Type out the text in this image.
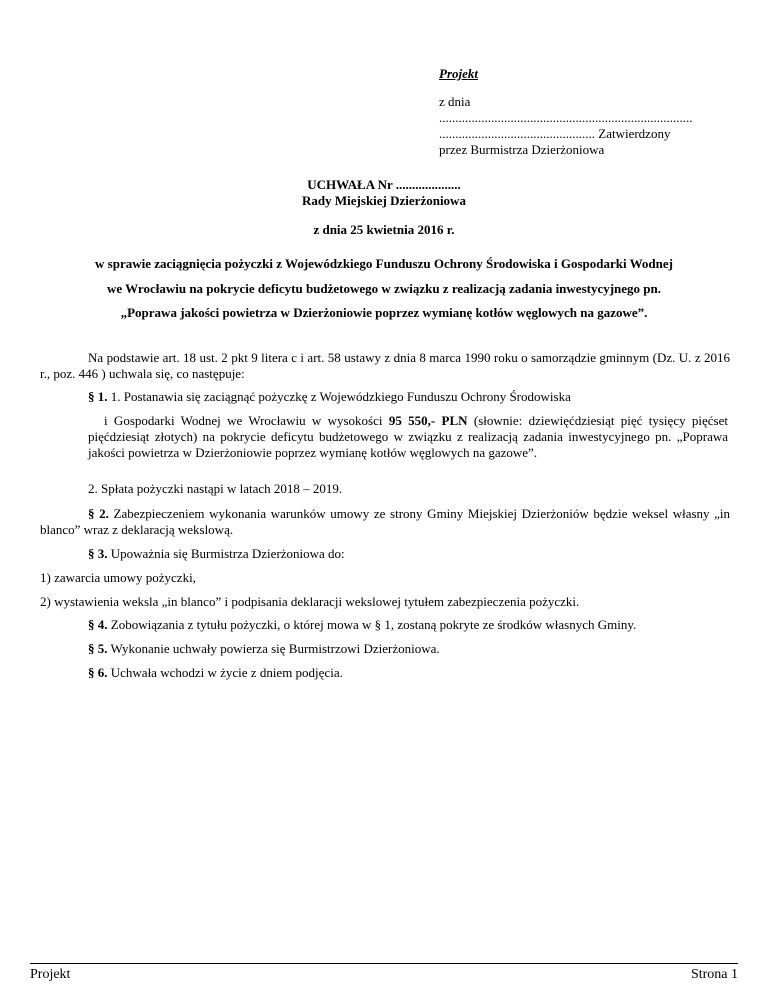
Projekt
z dnia
..............................................................................
................................................ Zatwierdzony
przez Burmistrza Dzierżoniowa
UCHWAŁA Nr ....................
Rady Miejskiej Dzierżoniowa
z dnia 25 kwietnia 2016 r.
w sprawie zaciągnięcia pożyczki z Wojewódzkiego Funduszu Ochrony Środowiska i Gospodarki Wodnej
we Wrocławiu na pokrycie deficytu budżetowego w związku z realizacją zadania inwestycyjnego pn.
„Poprawa jakości powietrza w Dzierżoniowie poprzez wymianę kotłów węglowych na gazowe”.
Na podstawie art. 18 ust. 2 pkt 9 litera c i art. 58 ustawy z dnia 8 marca 1990 roku o samorządzie gminnym (Dz. U. z 2016 r., poz. 446 ) uchwala się, co następuje:
§ 1. 1. Postanawia się zaciągnąć pożyczkę z Wojewódzkiego Funduszu Ochrony Środowiska
i Gospodarki Wodnej we Wrocławiu w wysokości 95 550,- PLN (słownie: dziewięćdziesiąt pięć tysięcy pięćset pięćdziesiąt złotych) na pokrycie deficytu budżetowego w związku z realizacją zadania inwestycyjnego pn. „Poprawa jakości powietrza w Dzierżoniowie poprzez wymianę kotłów węglowych na gazowe”.
2. Spłata pożyczki nastąpi w latach 2018 – 2019.
§ 2. Zabezpieczeniem wykonania warunków umowy ze strony Gminy Miejskiej Dzierżoniów będzie weksel własny „in blanco” wraz z deklaracją wekslową.
§ 3. Upoważnia się Burmistrza Dzierżoniowa do:
1) zawarcia umowy pożyczki,
2) wystawienia weksla „in blanco” i podpisania deklaracji wekslowej tytułem zabezpieczenia pożyczki.
§ 4. Zobowiązania z tytułu pożyczki, o której mowa w § 1, zostaną pokryte ze środków własnych Gminy.
§ 5. Wykonanie uchwały powierza się Burmistrzowi Dzierżoniowa.
§ 6. Uchwała wchodzi w życie z dniem podjęcia.
Projekt	Strona 1
